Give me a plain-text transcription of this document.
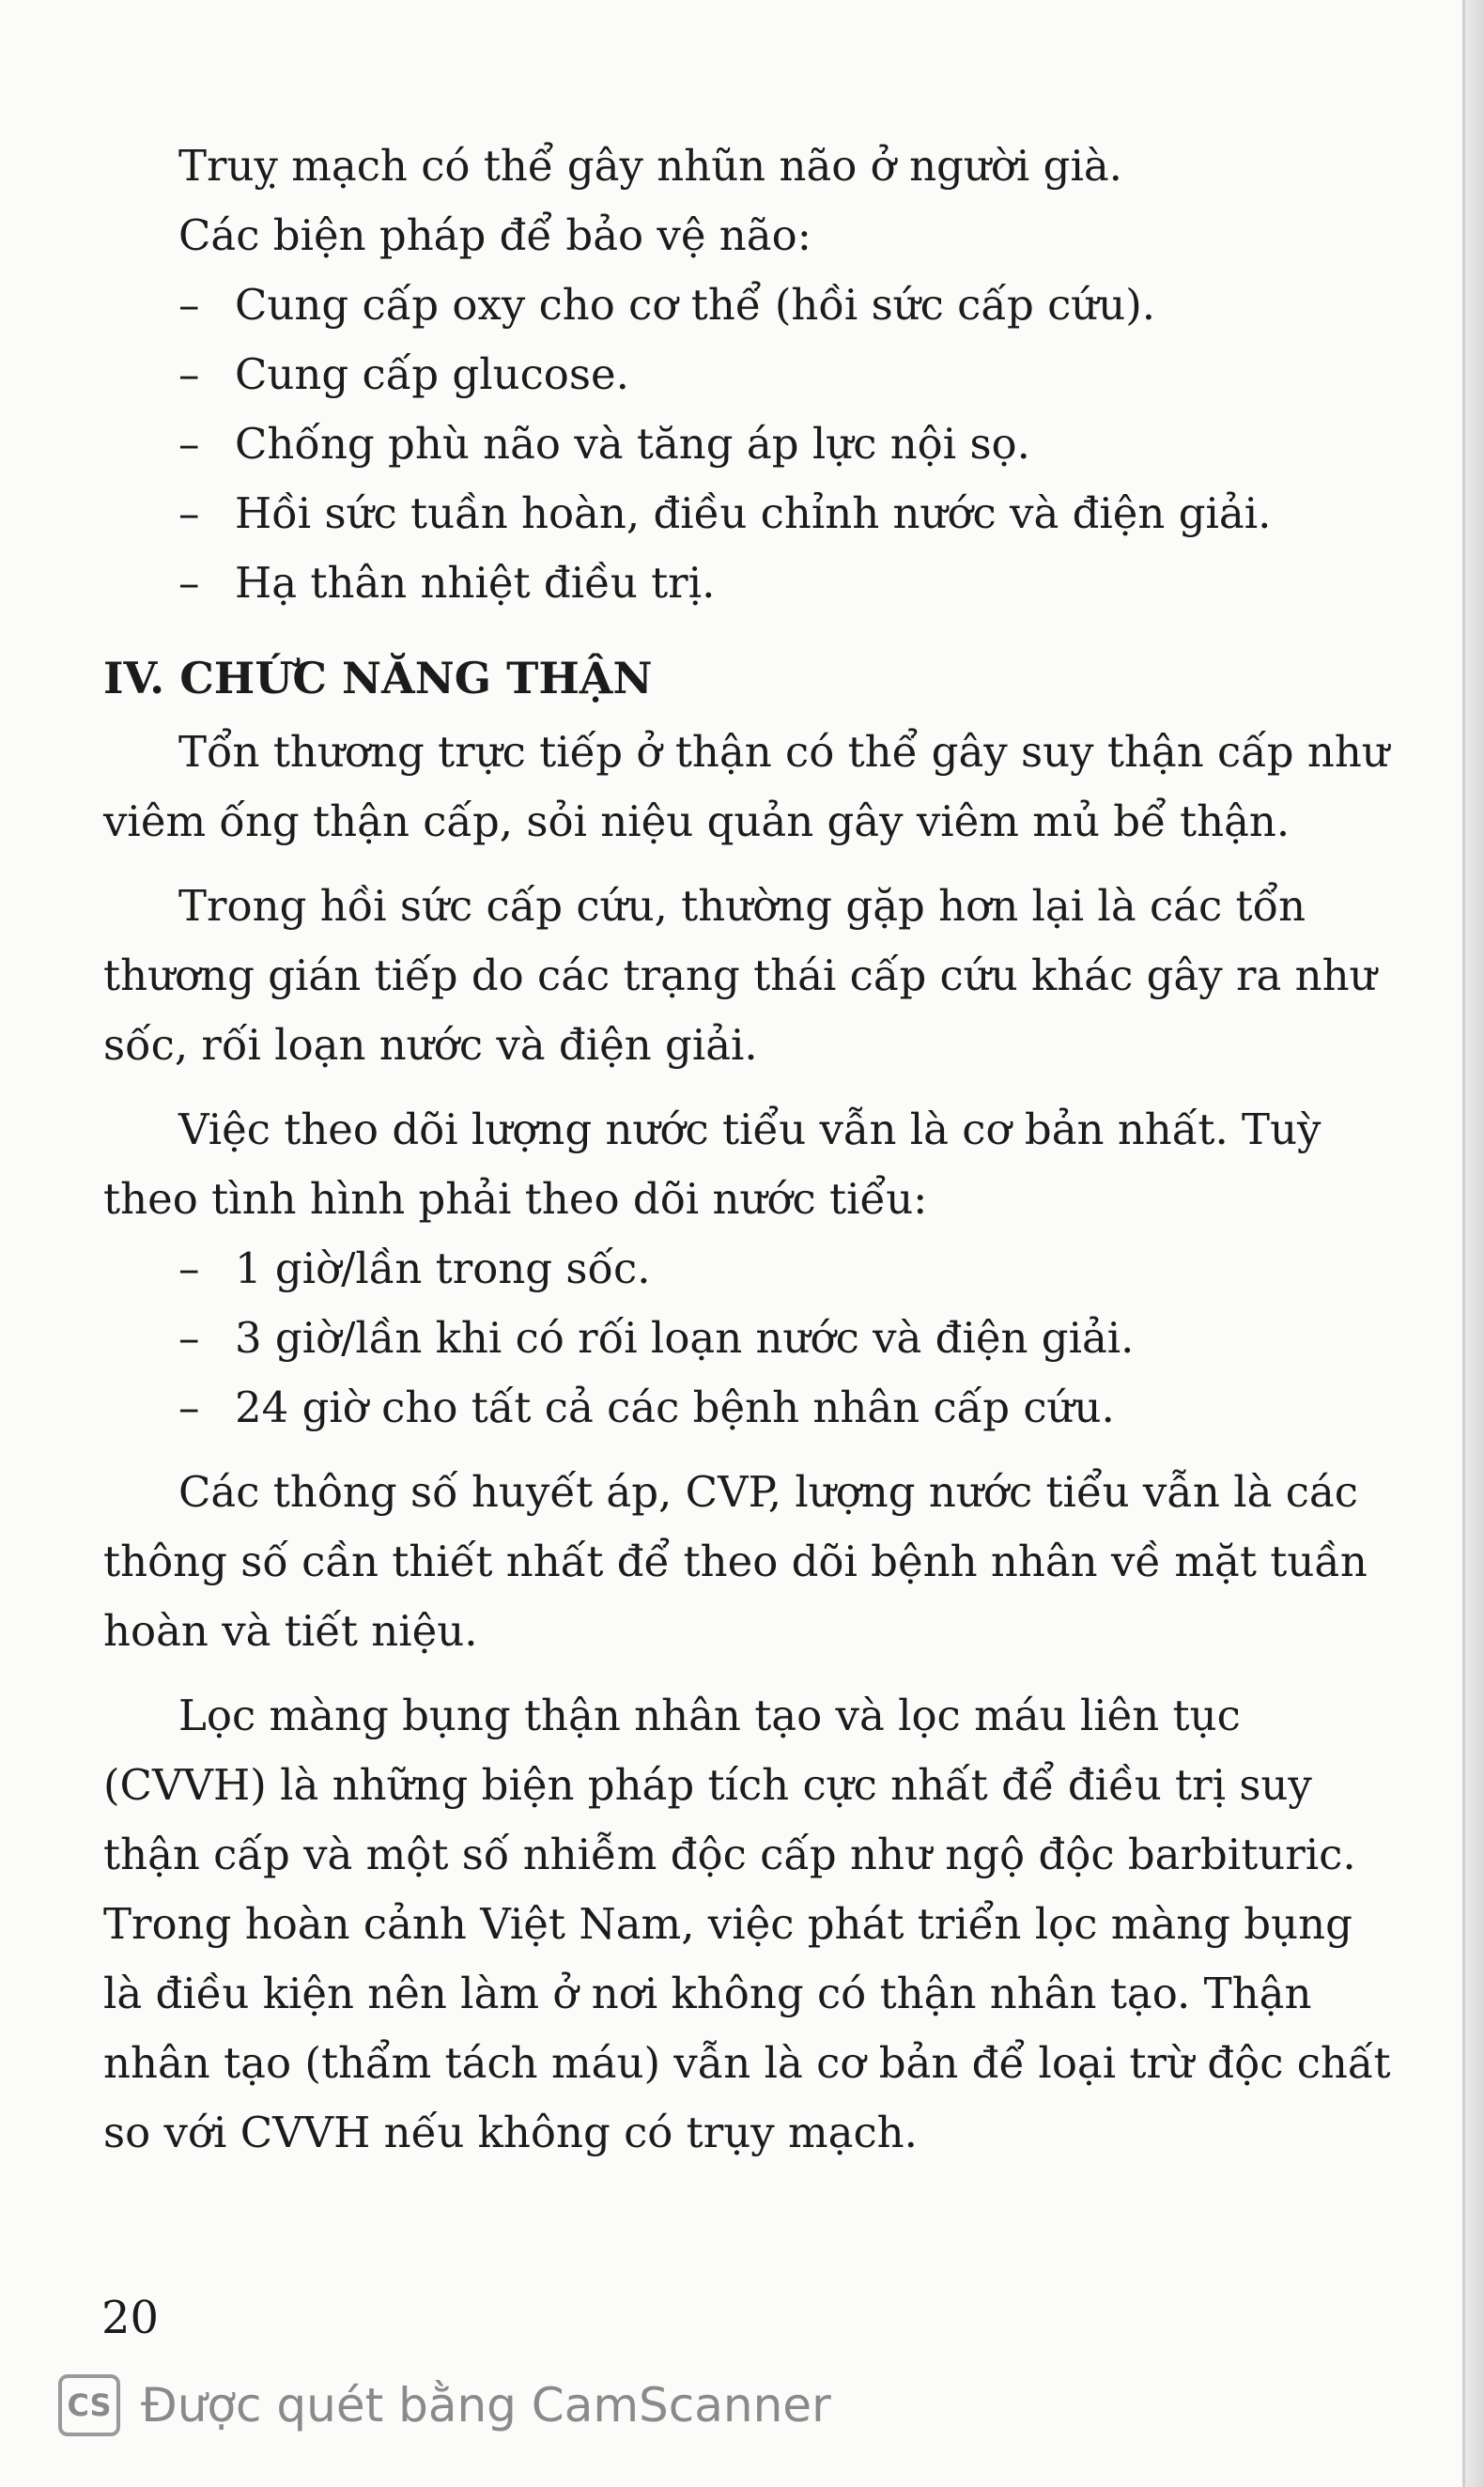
Truỵ mạch có thể gây nhũn não ở người già.

Các biện pháp để bảo vệ não:

– Cung cấp oxy cho cơ thể (hồi sức cấp cứu).
– Cung cấp glucose.
– Chống phù não và tăng áp lực nội sọ.
– Hồi sức tuần hoàn, điều chỉnh nước và điện giải.
– Hạ thân nhiệt điều trị.
IV. CHỨC NĂNG THẬN

Tổn thương trực tiếp ở thận có thể gây suy thận cấp như

viêm ống thận cấp, sỏi niệu quản gây viêm mủ bể thận.

Trong hồi sức cấp cứu, thường gặp hơn lại là các tổn

thương gián tiếp do các trạng thái cấp cứu khác gây ra như

sốc, rối loạn nước và điện giải.

Việc theo dõi lượng nước tiểu vẫn là cơ bản nhất. Tuỳ

theo tình hình phải theo dõi nước tiểu:

– 1 giờ/lần trong sốc.
– 3 giờ/lần khi có rối loạn nước và điện giải.
– 24 giờ cho tất cả các bệnh nhân cấp cứu.

Các thông số huyết áp, CVP, lượng nước tiểu vẫn là các

thông số cần thiết nhất để theo dõi bệnh nhân về mặt tuần

hoàn và tiết niệu.

Lọc màng bụng thận nhân tạo và lọc máu liên tục

(CVVH) là những biện pháp tích cực nhất để điều trị suy

thận cấp và một số nhiễm độc cấp như ngộ độc barbituric.

Trong hoàn cảnh Việt Nam, việc phát triển lọc màng bụng

là điều kiện nên làm ở nơi không có thận nhân tạo. Thận

nhân tạo (thẩm tách máu) vẫn là cơ bản để loại trừ độc chất

so với CVVH nếu không có trụy mạch.

20
CS Được quét bằng CamScanner
